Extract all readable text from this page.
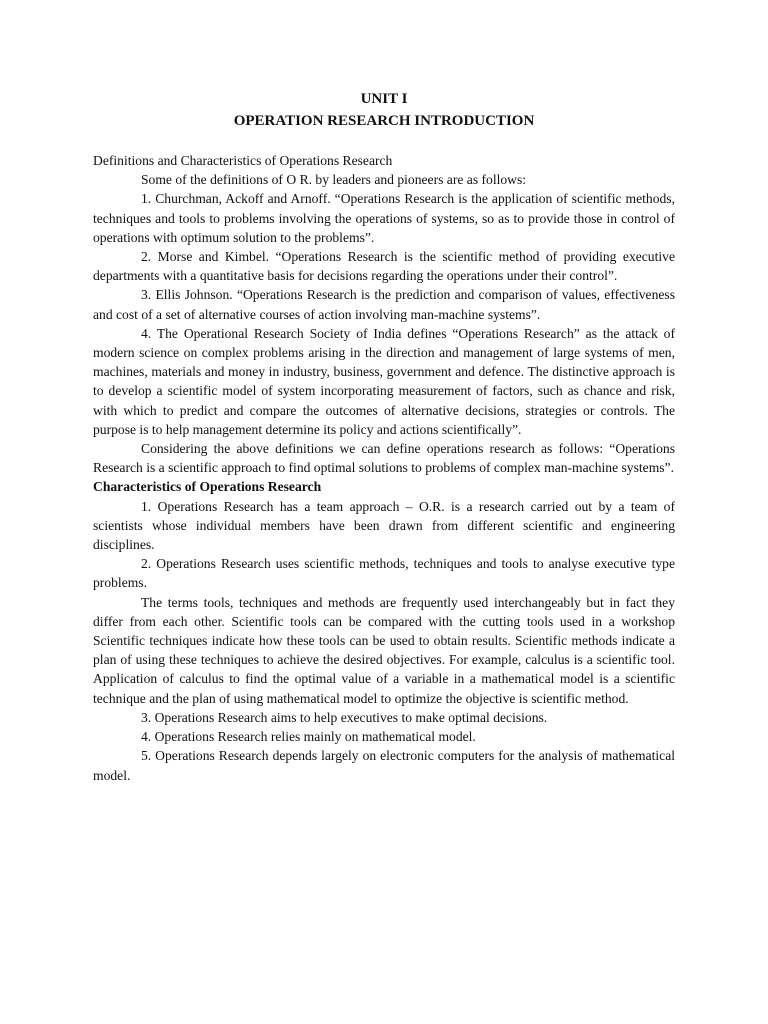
UNIT I
OPERATION RESEARCH INTRODUCTION

Definitions and Characteristics of Operations Research

Some of the definitions of O R. by leaders and pioneers are as follows:

1. Churchman, Ackoff and Arnoff. “Operations Research is the application of scientific methods, techniques and tools to problems involving the operations of systems, so as to provide those in control of operations with optimum solution to the problems”.

2. Morse and Kimbel. “Operations Research is the scientific method of providing executive departments with a quantitative basis for decisions regarding the operations under their control”.

3. Ellis Johnson. “Operations Research is the prediction and comparison of values, effectiveness and cost of a set of alternative courses of action involving man-machine systems”.

4. The Operational Research Society of India defines “Operations Research” as the attack of modern science on complex problems arising in the direction and management of large systems of men, machines, materials and money in industry, business, government and defence. The distinctive approach is to develop a scientific model of system incorporating measurement of factors, such as chance and risk, with which to predict and compare the outcomes of alternative decisions, strategies or controls. The purpose is to help management determine its policy and actions scientifically”.

Considering the above definitions we can define operations research as follows: “Operations Research is a scientific approach to find optimal solutions to problems of complex man-machine systems”.

Characteristics of Operations Research

1. Operations Research has a team approach – O.R. is a research carried out by a team of scientists whose individual members have been drawn from different scientific and engineering disciplines.

2. Operations Research uses scientific methods, techniques and tools to analyse executive type problems.

The terms tools, techniques and methods are frequently used interchangeably but in fact they differ from each other. Scientific tools can be compared with the cutting tools used in a workshop Scientific techniques indicate how these tools can be used to obtain results. Scientific methods indicate a plan of using these techniques to achieve the desired objectives. For example, calculus is a scientific tool. Application of calculus to find the optimal value of a variable in a mathematical model is a scientific technique and the plan of using mathematical model to optimize the objective is scientific method.

3. Operations Research aims to help executives to make optimal decisions.

4. Operations Research relies mainly on mathematical model.

5. Operations Research depends largely on electronic computers for the analysis of mathematical model.
